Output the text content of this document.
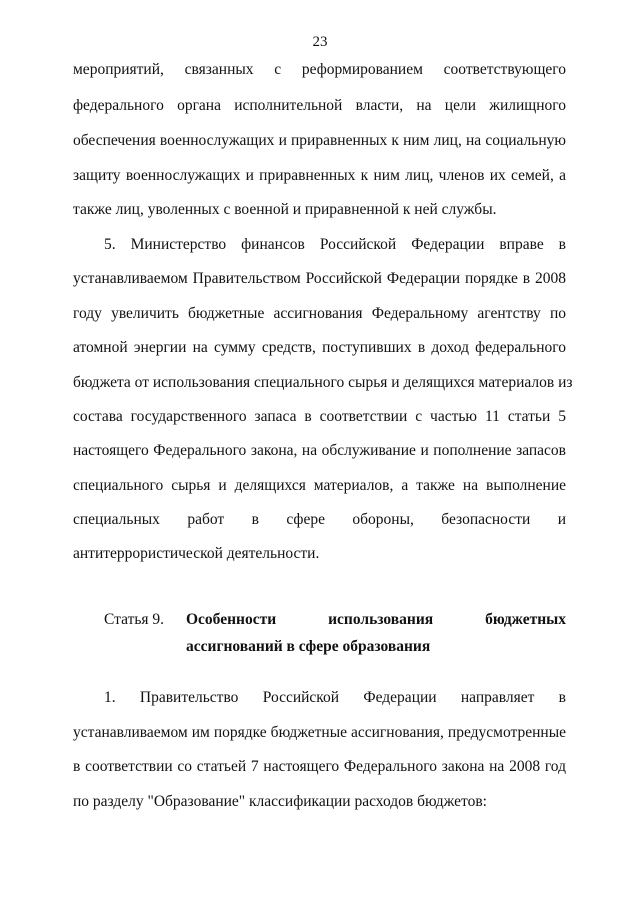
23
мероприятий, связанных с реформированием соответствующего
федерального органа исполнительной власти, на цели жилищного
обеспечения военнослужащих и приравненных к ним лиц, на социальную
защиту военнослужащих и приравненных к ним лиц, членов их семей, а
также лиц, уволенных с военной и приравненной к ней службы.
5. Министерство финансов Российской Федерации вправе в
устанавливаемом Правительством Российской Федерации порядке в 2008
году увеличить бюджетные ассигнования Федеральному агентству по
атомной энергии на сумму средств, поступивших в доход федерального
бюджета от использования специального сырья и делящихся материалов из
состава государственного запаса в соответствии с частью 11 статьи 5
настоящего Федерального закона, на обслуживание и пополнение запасов
специального сырья и делящихся материалов, а также на выполнение
специальных работ в сфере обороны, безопасности и
антитеррористической деятельности.
Статья 9. Особенности использования бюджетных
ассигнований в сфере образования
1. Правительство Российской Федерации направляет в
устанавливаемом им порядке бюджетные ассигнования, предусмотренные
в соответствии со статьей 7 настоящего Федерального закона на 2008 год
по разделу "Образование" классификации расходов бюджетов:
